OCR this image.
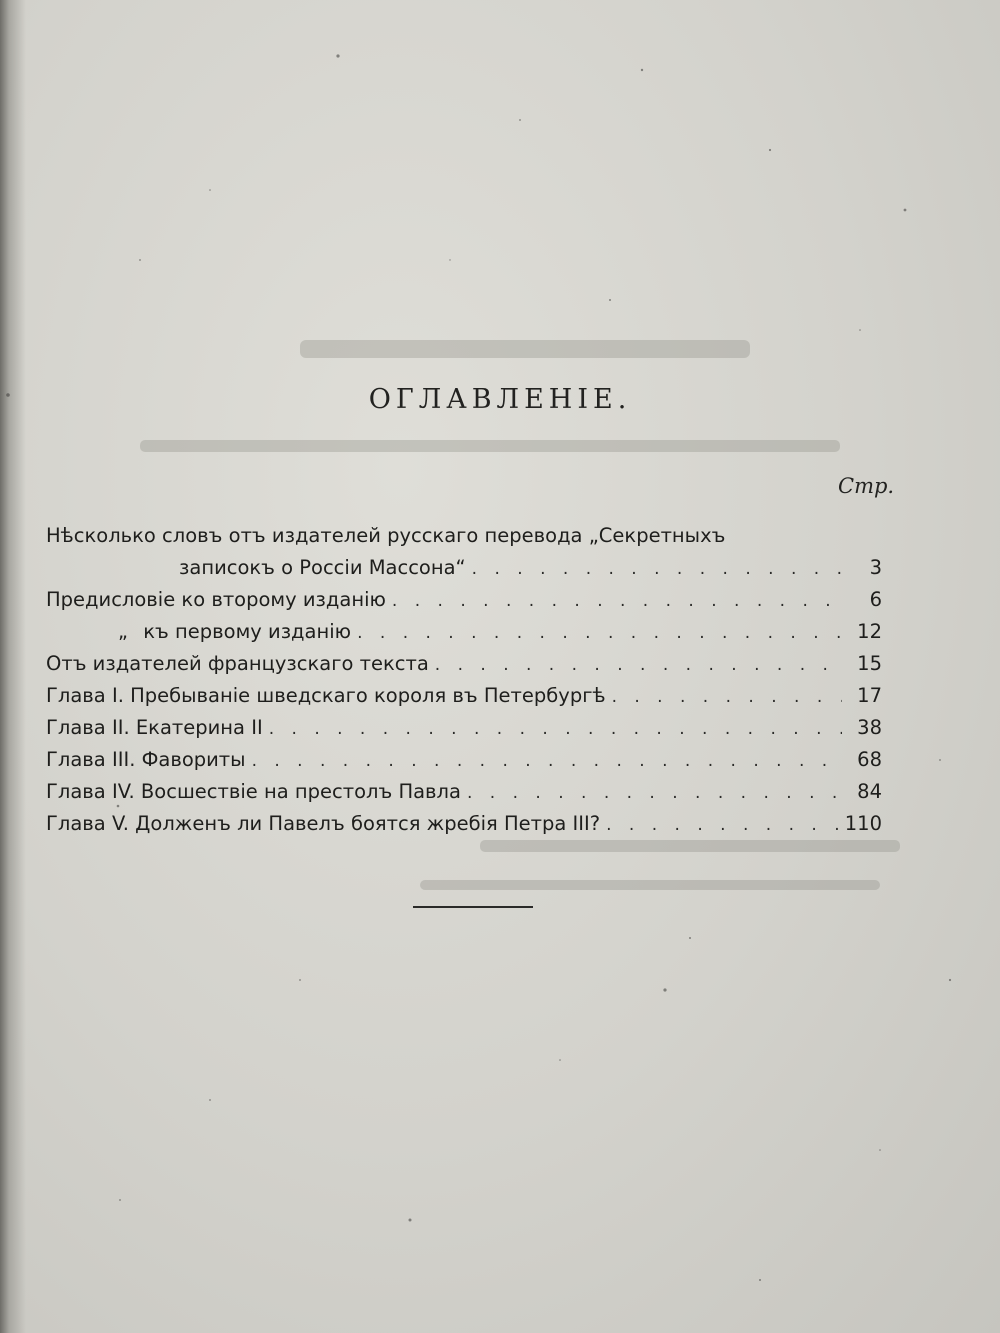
ОГЛАВЛЕНІЕ.
Стр.
Нѣсколько словъ отъ издателей русскаго перевода „Секретныхъ
записокъ о Россіи Массона“ . . .	3
Предисловіе ко второму изданію . . .	6
„ къ первому изданію . . .	12
Отъ издателей французскаго текста . . .	15
Глава I. Пребываніе шведскаго короля въ Петербургѣ . . .	17
Глава II. Екатерина II . . .	38
Глава III. Фавориты . . .	68
Глава IV. Восшествіе на престолъ Павла . . .	84
Глава V. Долженъ ли Павелъ боятся жребія Петра III? . . .	110
